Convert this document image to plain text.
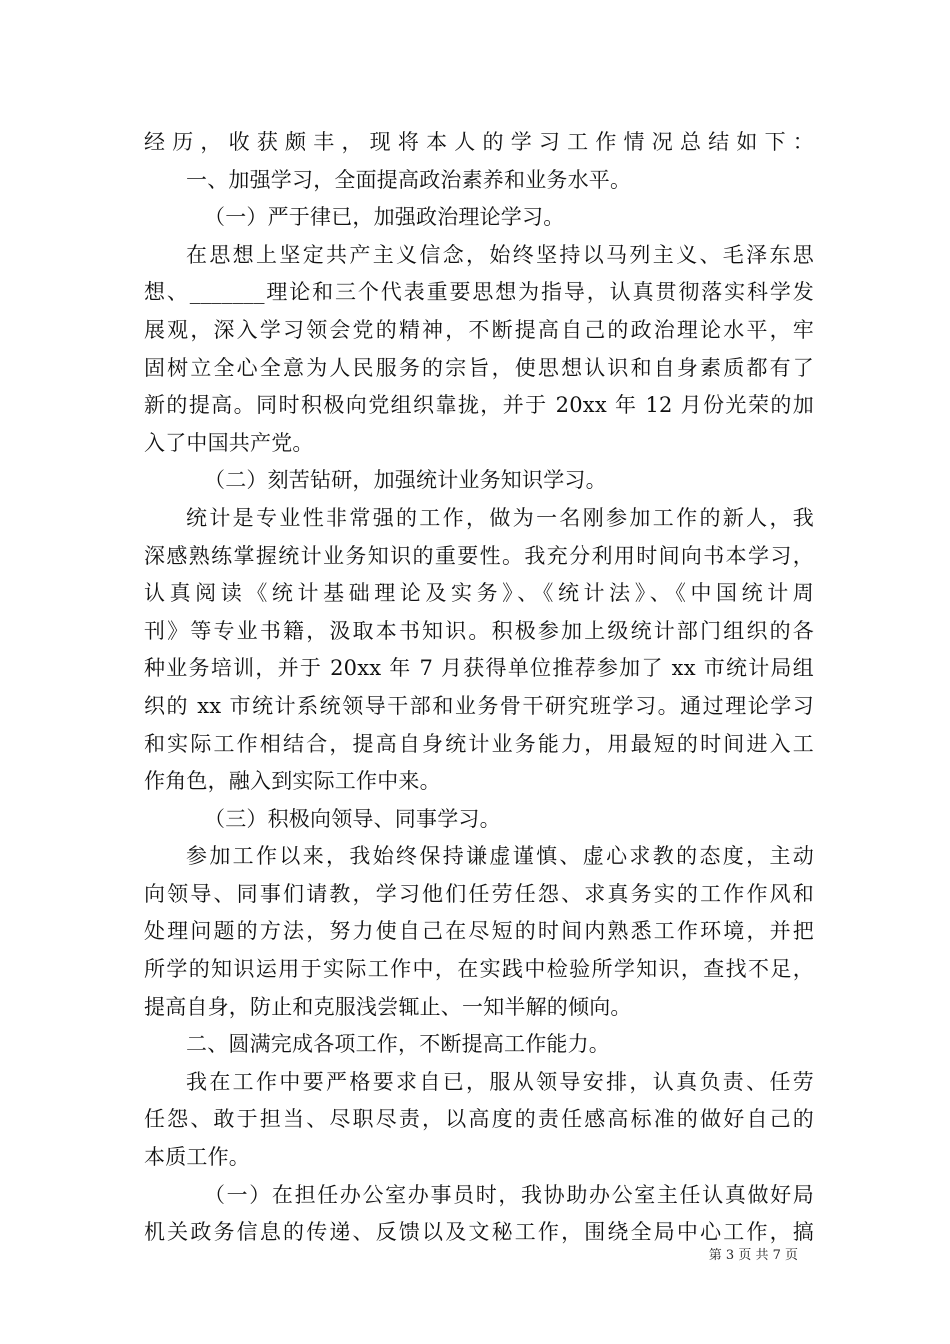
经历，收获颇丰，现将本人的学习工作情况总结如下：
一、加强学习，全面提高政治素养和业务水平。
（一）严于律已，加强政治理论学习。
在思想上坚定共产主义信念，始终坚持以马列主义、毛泽东思
想、_______理论和三个代表重要思想为指导，认真贯彻落实科学发
展观，深入学习领会党的精神，不断提高自己的政治理论水平，牢
固树立全心全意为人民服务的宗旨，使思想认识和自身素质都有了
新的提高。同时积极向党组织靠拢，并于 20xx 年 12 月份光荣的加
入了中国共产党。
（二）刻苦钻研，加强统计业务知识学习。
统计是专业性非常强的工作，做为一名刚参加工作的新人，我
深感熟练掌握统计业务知识的重要性。我充分利用时间向书本学习，
认真阅读《统计基础理论及实务》、《统计法》、《中国统计周
刊》等专业书籍，汲取本书知识。积极参加上级统计部门组织的各
种业务培训，并于 20xx 年 7 月获得单位推荐参加了 xx 市统计局组
织的 xx 市统计系统领导干部和业务骨干研究班学习。通过理论学习
和实际工作相结合，提高自身统计业务能力，用最短的时间进入工
作角色，融入到实际工作中来。
（三）积极向领导、同事学习。
参加工作以来，我始终保持谦虚谨慎、虚心求教的态度，主动
向领导、同事们请教，学习他们任劳任怨、求真务实的工作作风和
处理问题的方法，努力使自己在尽短的时间内熟悉工作环境，并把
所学的知识运用于实际工作中，在实践中检验所学知识，查找不足，
提高自身，防止和克服浅尝辄止、一知半解的倾向。
二、圆满完成各项工作，不断提高工作能力。
我在工作中要严格要求自已，服从领导安排，认真负责、任劳
任怨、敢于担当、尽职尽责，以高度的责任感高标准的做好自己的
本质工作。
（一）在担任办公室办事员时，我协助办公室主任认真做好局
机关政务信息的传递、反馈以及文秘工作，围绕全局中心工作，搞
第 3 页 共 7 页
